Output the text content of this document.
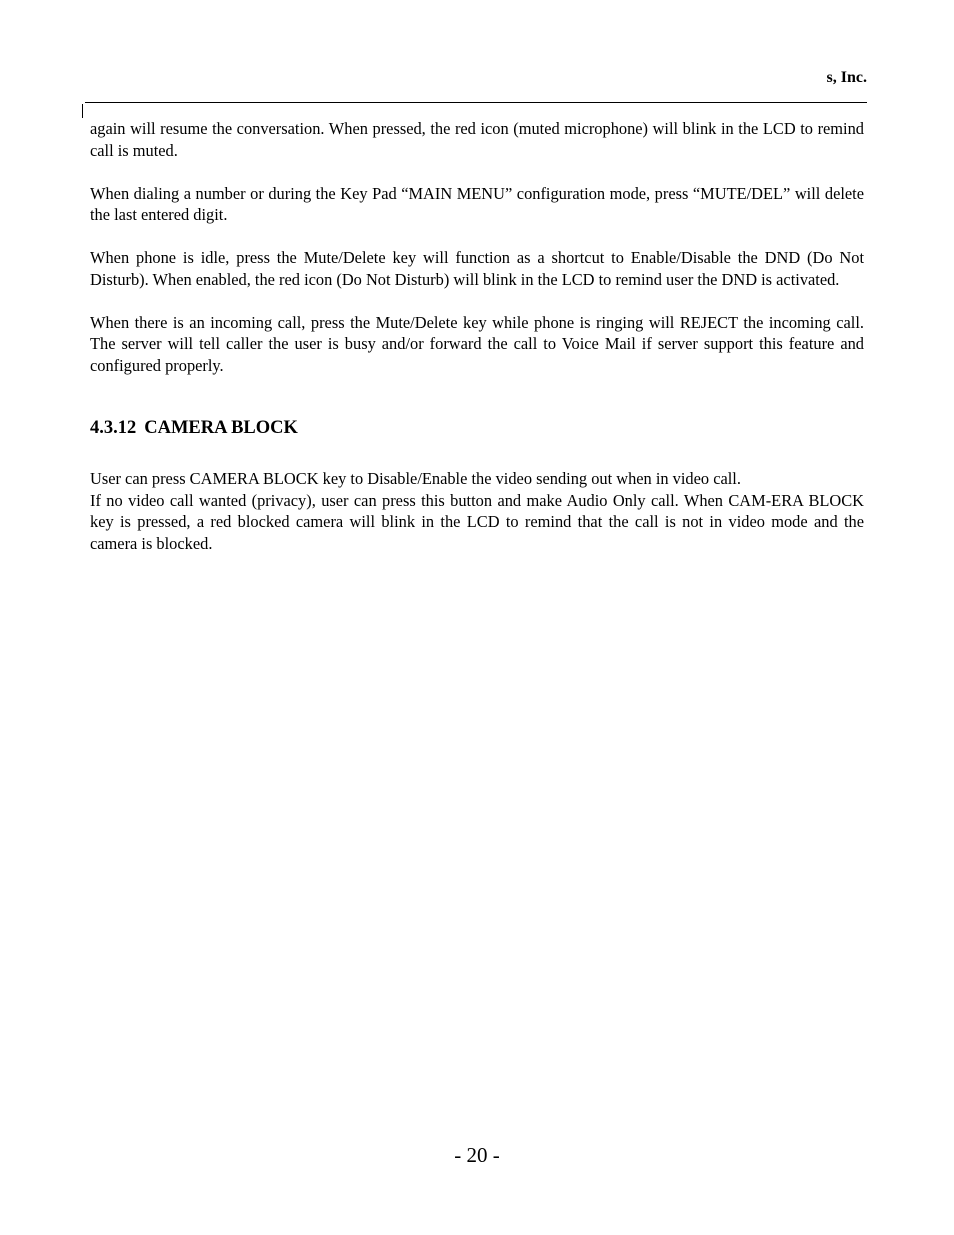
s, Inc.

again will resume the conversation. When pressed, the red icon (muted microphone) will blink in the LCD to remind call is muted.

When dialing a number or during the Key Pad “MAIN MENU” configuration mode, press “MUTE/DEL” will delete the last entered digit.

When phone is idle, press the Mute/Delete key will function as a shortcut to Enable/Disable the DND (Do Not Disturb). When enabled, the red icon (Do Not Disturb) will blink in the LCD to remind user the DND is activated.

When there is an incoming call, press the Mute/Delete key while phone is ringing will REJECT the incoming call. The server will tell caller the user is busy and/or forward the call to Voice Mail if server support this feature and configured properly.

4.3.12 CAMERA BLOCK

User can press CAMERA BLOCK key to Disable/Enable the video sending out when in video call.

If no video call wanted (privacy), user can press this button and make Audio Only call. When CAM-ERA BLOCK key is pressed, a red blocked camera will blink in the LCD to remind that the call is not in video mode and the camera is blocked.

- 20 -
